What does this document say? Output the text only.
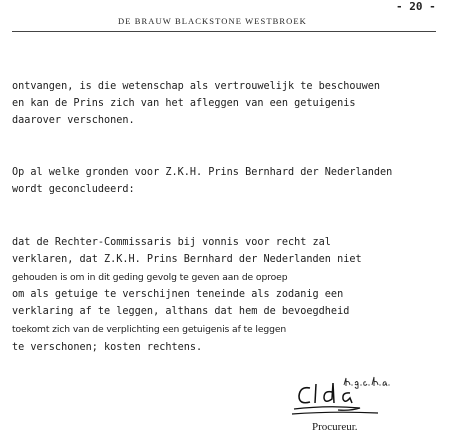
DE BRAUW BLACKSTONE WESTBROEK
- 20 -
ontvangen, is die wetenschap als vertrouwelijk te beschouwen
en kan de Prins zich van het afleggen van een getuigenis
daarover verschonen.
Op al welke gronden voor Z.K.H. Prins Bernhard der Nederlanden
wordt geconcludeerd:
dat de Rechter-Commissaris bij vonnis voor recht zal
verklaren, dat Z.K.H. Prins Bernhard der Nederlanden niet
gehouden is om in dit geding gevolg te geven aan de oproep
om als getuige te verschijnen teneinde als zodanig een
verklaring af te leggen, althans dat hem de bevoegdheid
toekomt zich van de verplichting een getuigenis af te leggen
te verschonen; kosten rechtens.
Procureur.
